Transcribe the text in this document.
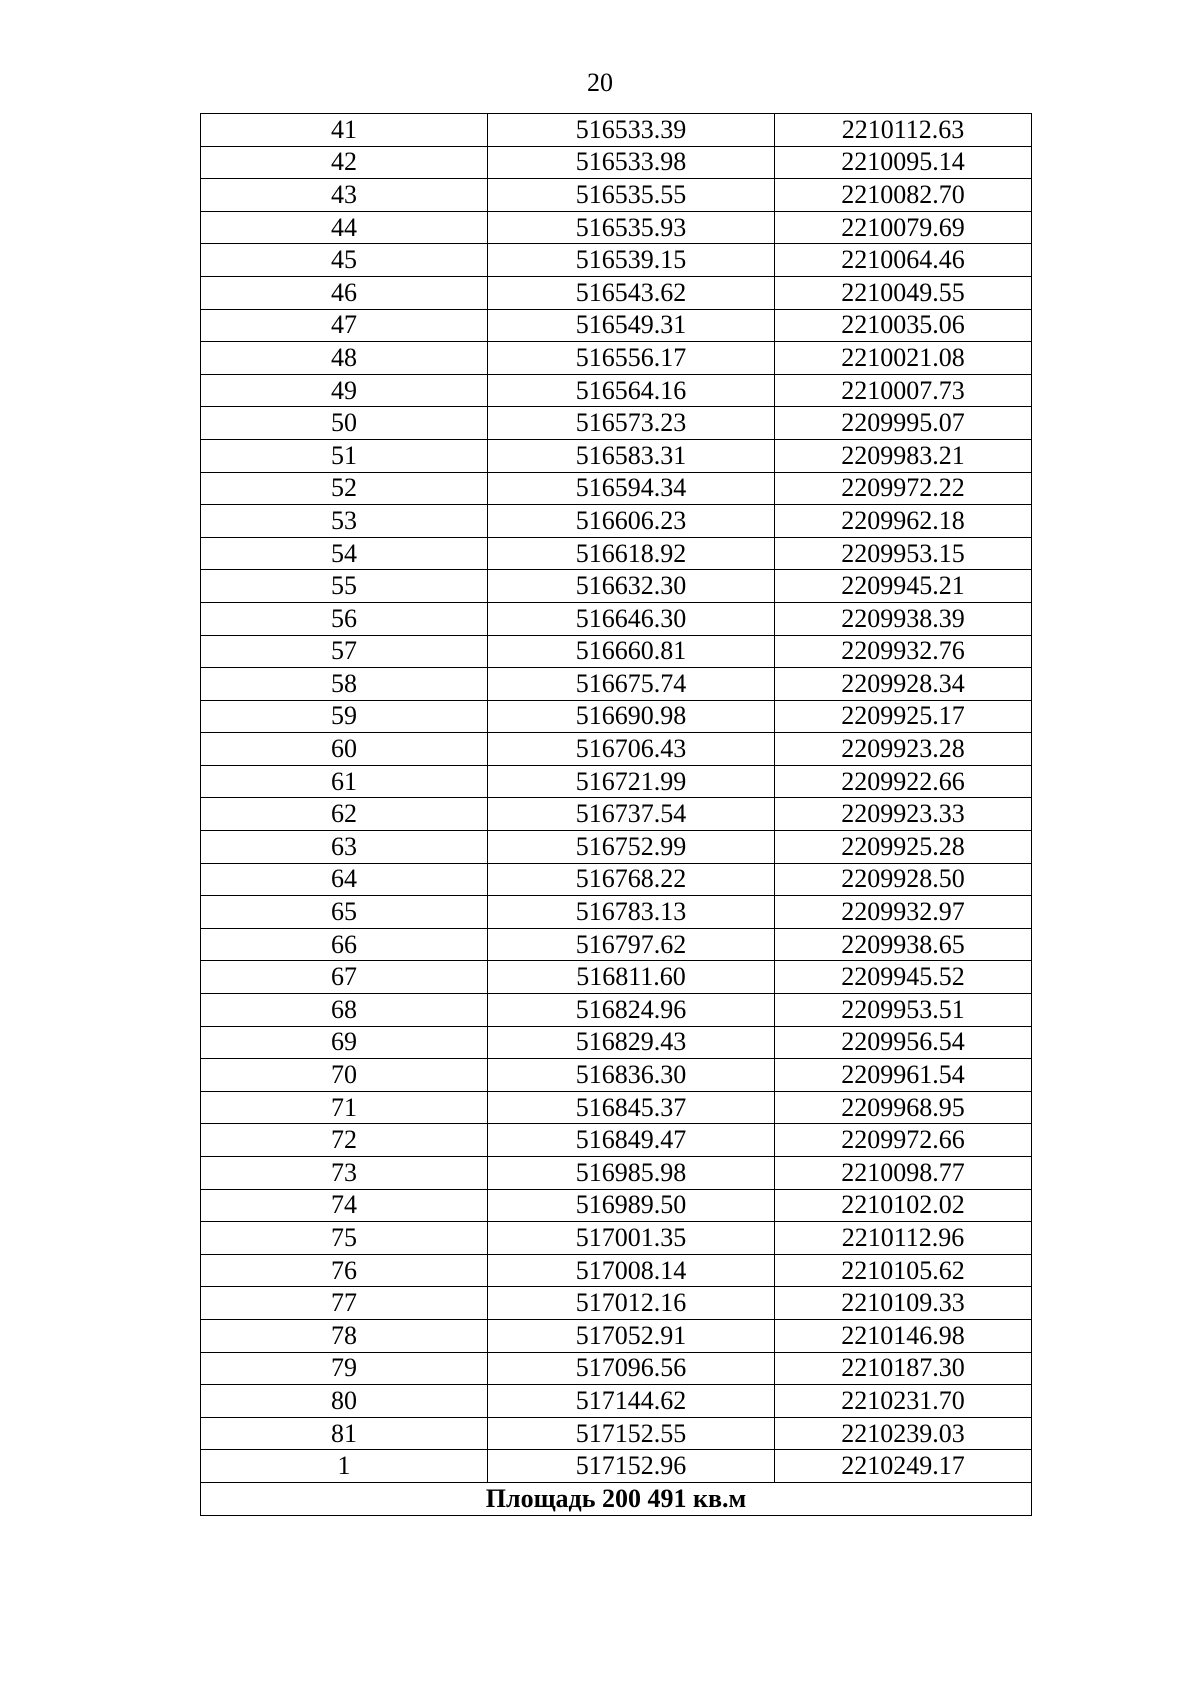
20
41	516533.39	2210112.63
42	516533.98	2210095.14
43	516535.55	2210082.70
44	516535.93	2210079.69
45	516539.15	2210064.46
46	516543.62	2210049.55
47	516549.31	2210035.06
48	516556.17	2210021.08
49	516564.16	2210007.73
50	516573.23	2209995.07
51	516583.31	2209983.21
52	516594.34	2209972.22
53	516606.23	2209962.18
54	516618.92	2209953.15
55	516632.30	2209945.21
56	516646.30	2209938.39
57	516660.81	2209932.76
58	516675.74	2209928.34
59	516690.98	2209925.17
60	516706.43	2209923.28
61	516721.99	2209922.66
62	516737.54	2209923.33
63	516752.99	2209925.28
64	516768.22	2209928.50
65	516783.13	2209932.97
66	516797.62	2209938.65
67	516811.60	2209945.52
68	516824.96	2209953.51
69	516829.43	2209956.54
70	516836.30	2209961.54
71	516845.37	2209968.95
72	516849.47	2209972.66
73	516985.98	2210098.77
74	516989.50	2210102.02
75	517001.35	2210112.96
76	517008.14	2210105.62
77	517012.16	2210109.33
78	517052.91	2210146.98
79	517096.56	2210187.30
80	517144.62	2210231.70
81	517152.55	2210239.03
1	517152.96	2210249.17
Площадь 200 491 кв.м		
